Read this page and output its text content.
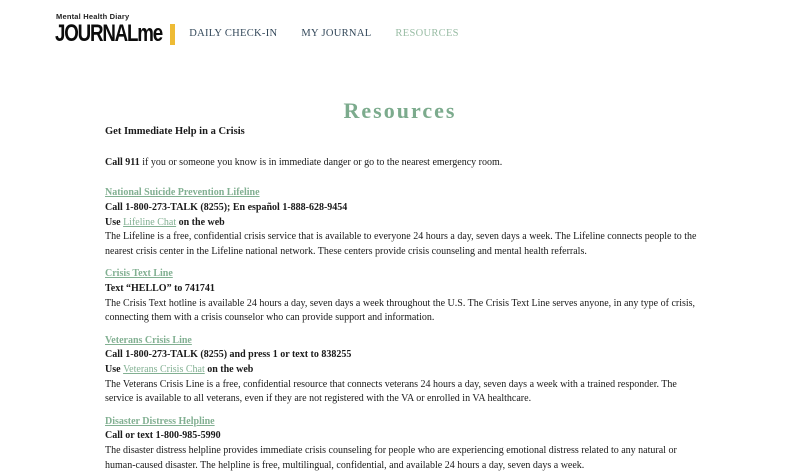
Mental Health Diary
JOURNALme	DAILY CHECK-IN MY JOURNAL RESOURCES
Resources

Get Immediate Help in a Crisis

Call 911 if you or someone you know is in immediate danger or go to the nearest emergency room.

National Suicide Prevention Lifeline

Call 1-800-273-TALK (8255); En español 1-888-628-9454

Use Lifeline Chat on the web

The Lifeline is a free, confidential crisis service that is available to everyone 24 hours a day, seven days a week. The Lifeline connects people to the nearest crisis center in the Lifeline national network. These centers provide crisis counseling and mental health referrals.

Crisis Text Line

Text “HELLO” to 741741

The Crisis Text hotline is available 24 hours a day, seven days a week throughout the U.S. The Crisis Text Line serves anyone, in any type of crisis, connecting them with a crisis counselor who can provide support and information.

Veterans Crisis Line

Call 1-800-273-TALK (8255) and press 1 or text to 838255

Use Veterans Crisis Chat on the web

The Veterans Crisis Line is a free, confidential resource that connects veterans 24 hours a day, seven days a week with a trained responder. The service is available to all veterans, even if they are not registered with the VA or enrolled in VA healthcare.

Disaster Distress Helpline

Call or text 1-800-985-5990

The disaster distress helpline provides immediate crisis counseling for people who are experiencing emotional distress related to any natural or human-caused disaster. The helpline is free, multilingual, confidential, and available 24 hours a day, seven days a week.
